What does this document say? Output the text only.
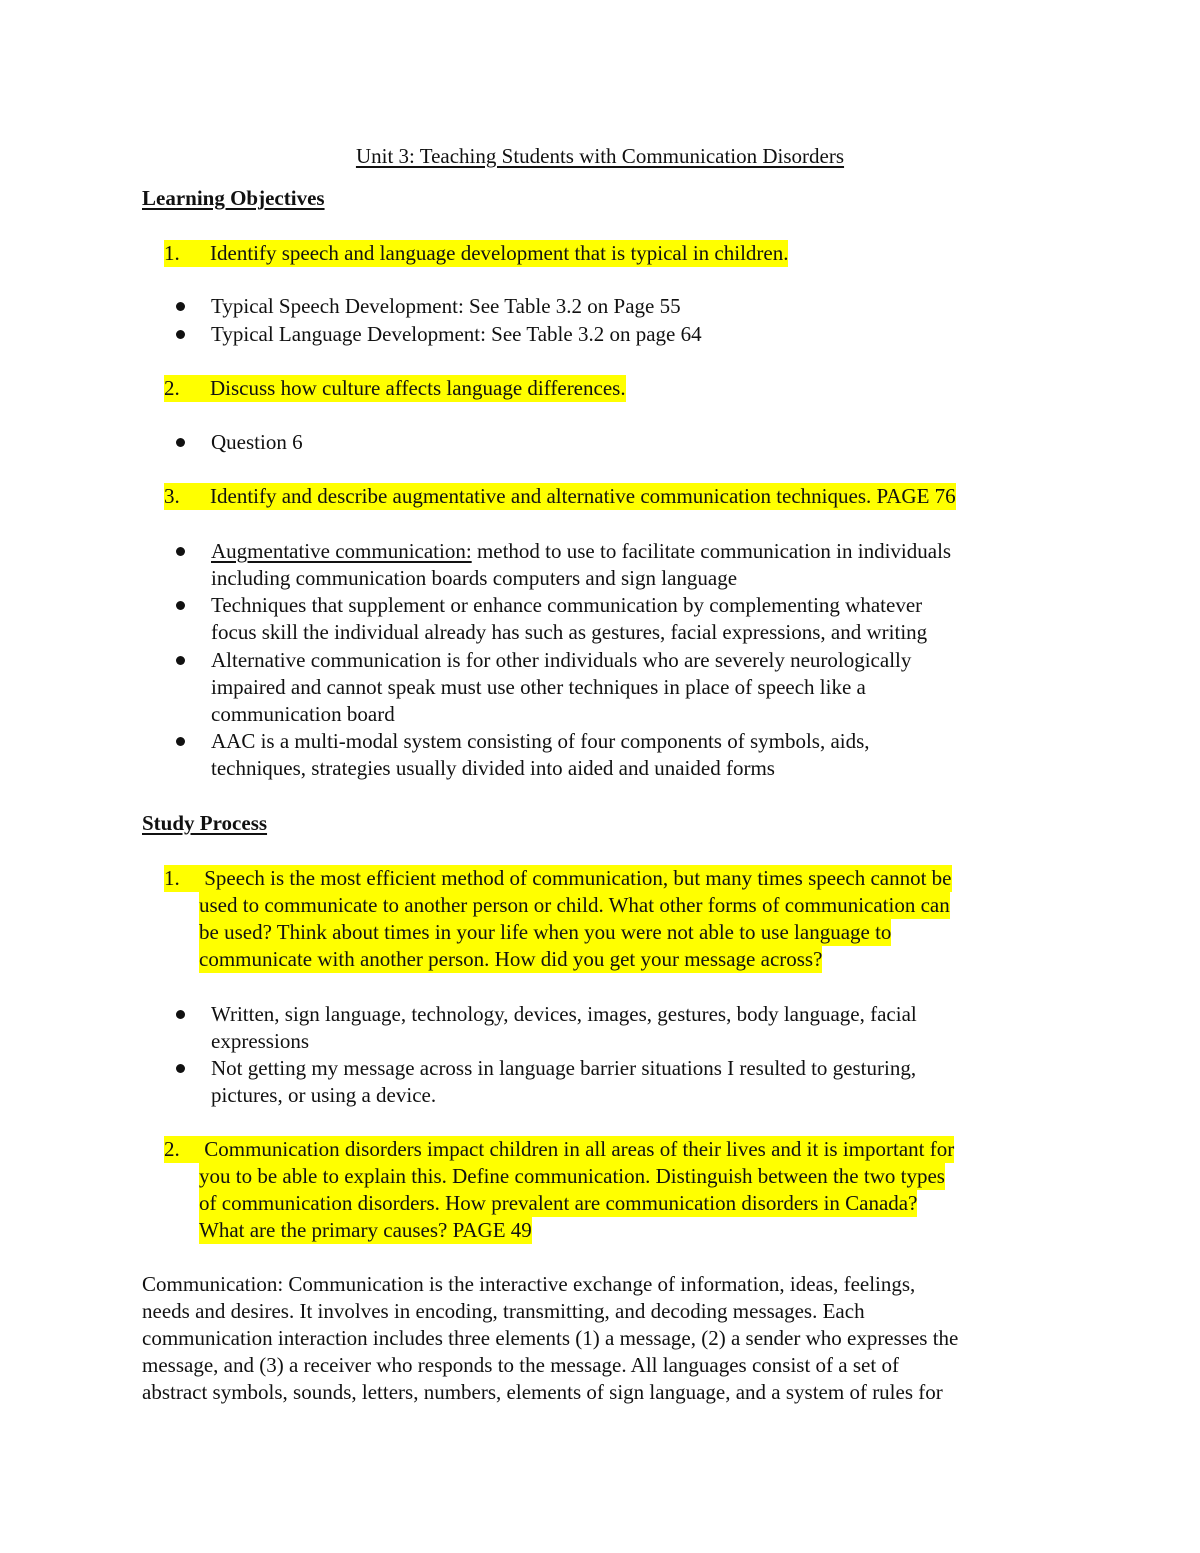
Unit 3: Teaching Students with Communication Disorders
Learning Objectives
1. Identify speech and language development that is typical in children.
Typical Speech Development: See Table 3.2 on Page 55
Typical Language Development: See Table 3.2 on page 64
2. Discuss how culture affects language differences.
Question 6
3. Identify and describe augmentative and alternative communication techniques. PAGE 76
Augmentative communication: method to use to facilitate communication in individuals
including communication boards computers and sign language
Techniques that supplement or enhance communication by complementing whatever
focus skill the individual already has such as gestures, facial expressions, and writing
Alternative communication is for other individuals who are severely neurologically
impaired and cannot speak must use other techniques in place of speech like a
communication board
AAC is a multi-modal system consisting of four components of symbols, aids,
techniques, strategies usually divided into aided and unaided forms
Study Process
1. Speech is the most efficient method of communication, but many times speech cannot be
used to communicate to another person or child. What other forms of communication can
be used? Think about times in your life when you were not able to use language to
communicate with another person. How did you get your message across?
Written, sign language, technology, devices, images, gestures, body language, facial
expressions
Not getting my message across in language barrier situations I resulted to gesturing,
pictures, or using a device.
2. Communication disorders impact children in all areas of their lives and it is important for
you to be able to explain this. Define communication. Distinguish between the two types
of communication disorders. How prevalent are communication disorders in Canada?
What are the primary causes? PAGE 49
Communication: Communication is the interactive exchange of information, ideas, feelings,
needs and desires. It involves in encoding, transmitting, and decoding messages. Each
communication interaction includes three elements (1) a message, (2) a sender who expresses the
message, and (3) a receiver who responds to the message. All languages consist of a set of
abstract symbols, sounds, letters, numbers, elements of sign language, and a system of rules for
